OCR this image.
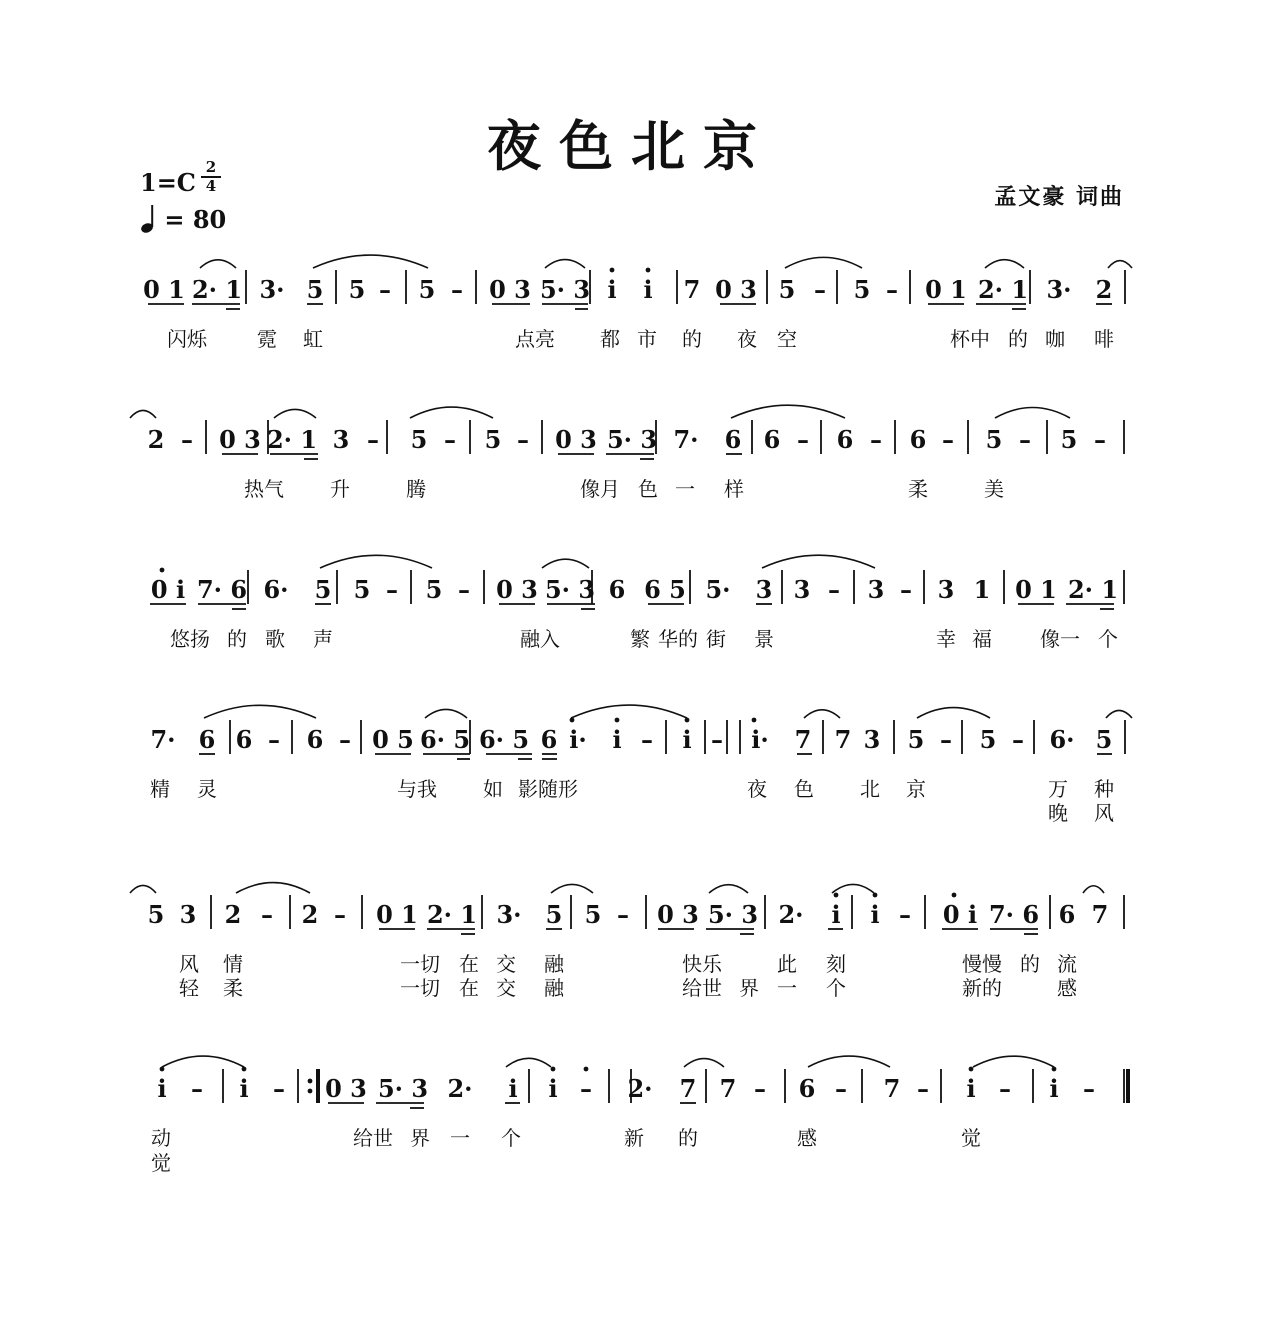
夜色北京
孟文豪 词曲
1=C
2
4
= 80
0 1 2· 1 3· 5 5 – 5 – 0 3 5· 3 i i 7 0 3 5 – 5 – 0 1 2· 1 3· 2
闪烁	霓 虹	点亮 都 市 的 夜 空	杯中 的 咖 啡
2 – 0 3 2· 1 3 – 5 – 5 – 0 3 5· 3 7· 6 6 – 6 – 6 – 5 – 5 –
热气 升	腾	像月 色 一 样	柔	美
0 i 7· 6 6· 5 5 – 5 – 0 3 5· 3 6 6 5 5· 3 3 – 3 – 3 1 0 1 2· 1
悠扬 的 歌 声	融入	繁 华的 街 景	幸 福 像一 个
7· 6 6 – 6 – 0 5 6· 5 6· 5 6 i· i – i – i· 7 7 3 5 – 5 – 6· 5
精 灵	与我 如 影随形	夜 色 北 京	万 种
晚 风
5 3 2 – 2 – 0 1 2· 1 3· 5 5 – 0 3 5· 3 2· i i – 0 i 7· 6 6 7
风 情	一切 在 交 融	快乐	此 刻	慢慢 的 流
轻 柔	一切 在 交 融	给世 界 一 个	新的	感
i – i – 0 3 5· 3 2· i i – 2· 7 7 – 6 – 7 – i – i –
动	给世 界 一 个	新 的	感	觉
觉
